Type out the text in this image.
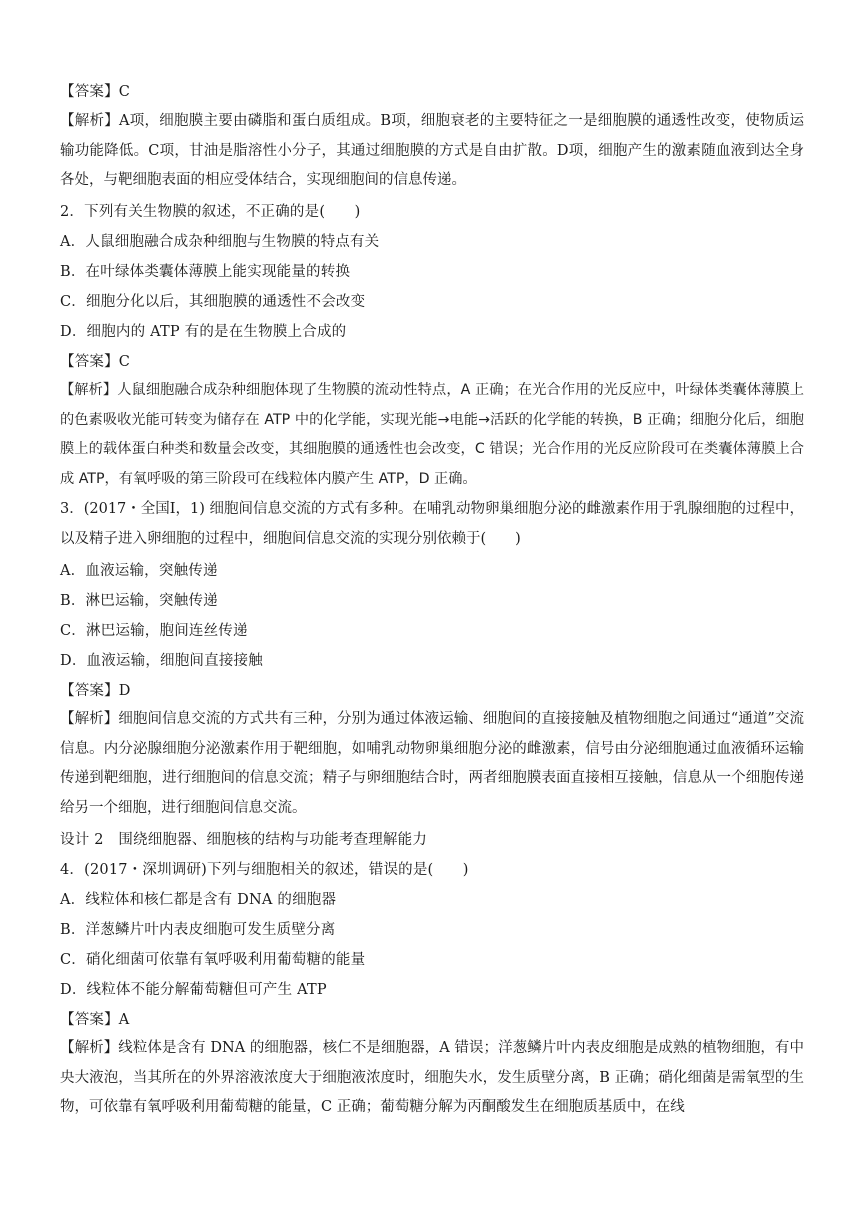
【答案】C
【解析】A项，细胞膜主要由磷脂和蛋白质组成。B项，细胞衰老的主要特征之一是细胞膜的通透性改变，使物质运输功能降低。C项，甘油是脂溶性小分子，其通过细胞膜的方式是自由扩散。D项，细胞产生的激素随血液到达全身各处，与靶细胞表面的相应受体结合，实现细胞间的信息传递。
2．下列有关生物膜的叙述，不正确的是(　　)
A．人鼠细胞融合成杂种细胞与生物膜的特点有关
B．在叶绿体类囊体薄膜上能实现能量的转换
C．细胞分化以后，其细胞膜的通透性不会改变
D．细胞内的 ATP 有的是在生物膜上合成的
【答案】C
【解析】人鼠细胞融合成杂种细胞体现了生物膜的流动性特点，A 正确；在光合作用的光反应中，叶绿体类囊体薄膜上的色素吸收光能可转变为储存在 ATP 中的化学能，实现光能→电能→活跃的化学能的转换，B 正确；细胞分化后，细胞膜上的载体蛋白种类和数量会改变，其细胞膜的通透性也会改变，C 错误；光合作用的光反应阶段可在类囊体薄膜上合成 ATP，有氧呼吸的第三阶段可在线粒体内膜产生 ATP，D 正确。
3．(2017・全国Ⅰ，1) 细胞间信息交流的方式有多种。在哺乳动物卵巢细胞分泌的雌激素作用于乳腺细胞的过程中，以及精子进入卵细胞的过程中，细胞间信息交流的实现分别依赖于(　　)
A．血液运输，突触传递
B．淋巴运输，突触传递
C．淋巴运输，胞间连丝传递
D．血液运输，细胞间直接接触
【答案】D
【解析】细胞间信息交流的方式共有三种，分别为通过体液运输、细胞间的直接接触及植物细胞之间通过“通道”交流信息。内分泌腺细胞分泌激素作用于靶细胞，如哺乳动物卵巢细胞分泌的雌激素，信号由分泌细胞通过血液循环运输传递到靶细胞，进行细胞间的信息交流；精子与卵细胞结合时，两者细胞膜表面直接相互接触，信息从一个细胞传递给另一个细胞，进行细胞间信息交流。
设计 2　围绕细胞器、细胞核的结构与功能考查理解能力
4．(2017・深圳调研)下列与细胞相关的叙述，错误的是(　　)
A．线粒体和核仁都是含有 DNA 的细胞器
B．洋葱鳞片叶内表皮细胞可发生质壁分离
C．硝化细菌可依靠有氧呼吸利用葡萄糖的能量
D．线粒体不能分解葡萄糖但可产生 ATP
【答案】A
【解析】线粒体是含有 DNA 的细胞器，核仁不是细胞器，A 错误；洋葱鳞片叶内表皮细胞是成熟的植物细胞，有中央大液泡，当其所在的外界溶液浓度大于细胞液浓度时，细胞失水，发生质壁分离，B 正确；硝化细菌是需氧型的生物，可依靠有氧呼吸利用葡萄糖的能量，C 正确；葡萄糖分解为丙酮酸发生在细胞质基质中，在线
